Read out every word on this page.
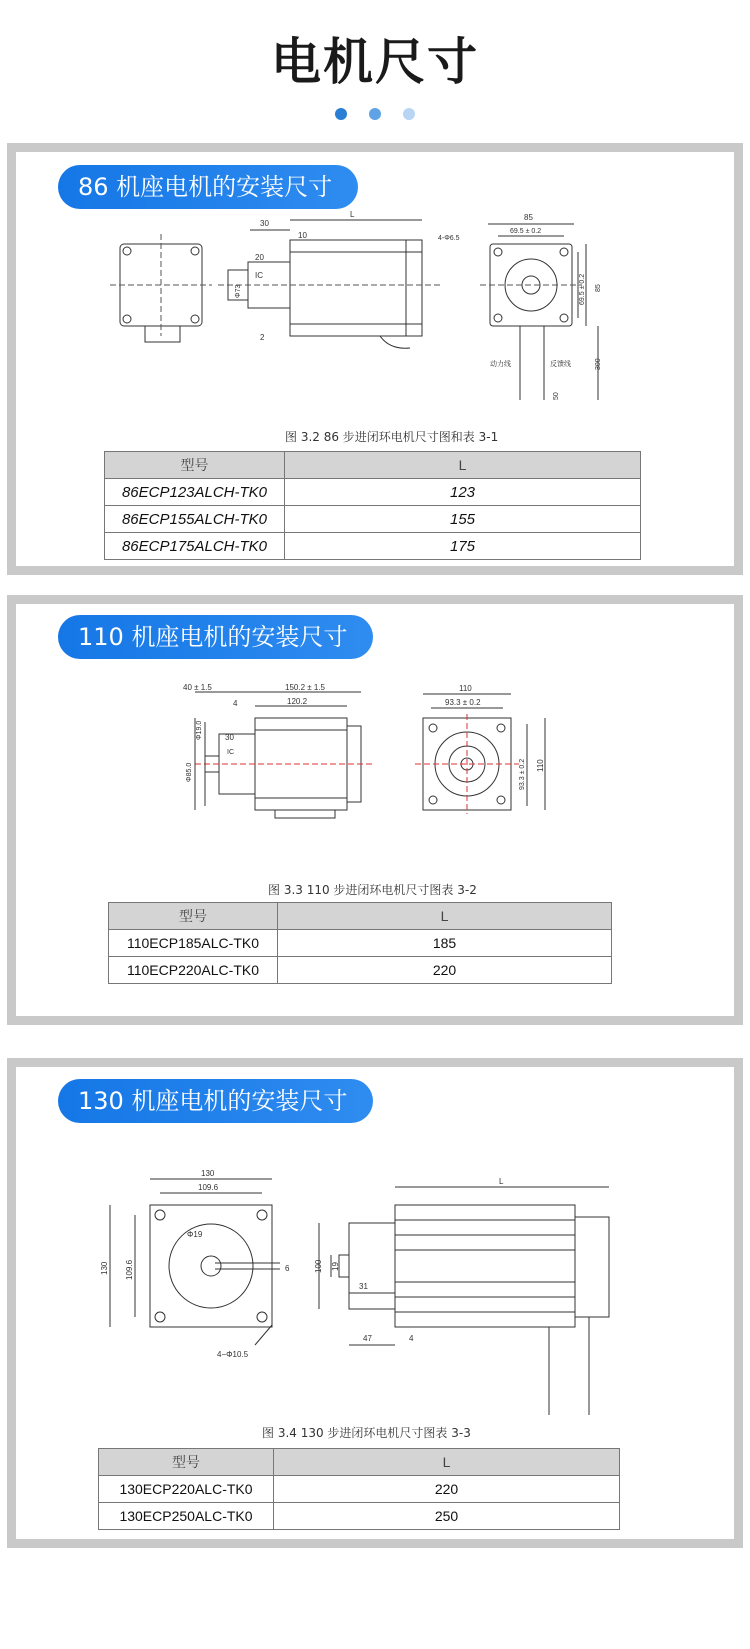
电机尺寸
86 机座电机的安装尺寸
30
L
10
20
IC
Φ73
2
85
69.5 ± 0.2
4-Φ6.5
69.5 ± 0.2 85
300
50
动力线	反馈线
图 3.2 86 步进闭环电机尺寸图和表 3-1
型号	L
86ECP123ALCH-TK0	123
86ECP155ALCH-TK0	155
86ECP175ALCH-TK0	175
110 机座电机的安装尺寸
40 ± 1.5	150.2 ± 1.5
4	120.2
30
IC
Φ19.0
Φ85.0
110
93.3 ± 0.2
93.3 ± 0.2 110
图 3.3 110 步进闭环电机尺寸图表 3-2
型号	L
110ECP185ALC-TK0	185
110ECP220ALC-TK0	220
130 机座电机的安装尺寸
130
109.6
Φ19
6
130 109.6
4−Φ10.5
L
100 19
31
47	4
图 3.4 130 步进闭环电机尺寸图表 3-3
型号	L
130ECP220ALC-TK0	220
130ECP250ALC-TK0	250
